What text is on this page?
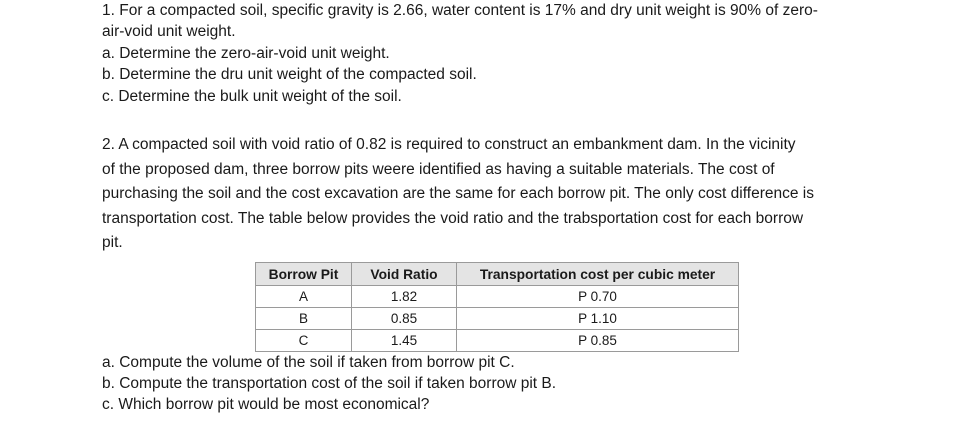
1. For a compacted soil, specific gravity is 2.66, water content is 17% and dry unit weight is 90% of zero-
air-void unit weight.
a. Determine the zero-air-void unit weight.
b. Determine the dru unit weight of the compacted soil.
c. Determine the bulk unit weight of the soil.
2. A compacted soil with void ratio of 0.82 is required to construct an embankment dam. In the vicinity
of the proposed dam, three borrow pits weere identified as having a suitable materials. The cost of
purchasing the soil and the cost excavation are the same for each borrow pit. The only cost difference is
transportation cost. The table below provides the void ratio and the trabsportation cost for each borrow
pit.
Borrow Pit	Void Ratio	Transportation cost per cubic meter
A	1.82	P 0.70
B	0.85	P 1.10
C	1.45	P 0.85
a. Compute the volume of the soil if taken from borrow pit C.
b. Compute the transportation cost of the soil if taken borrow pit B.
c. Which borrow pit would be most economical?
